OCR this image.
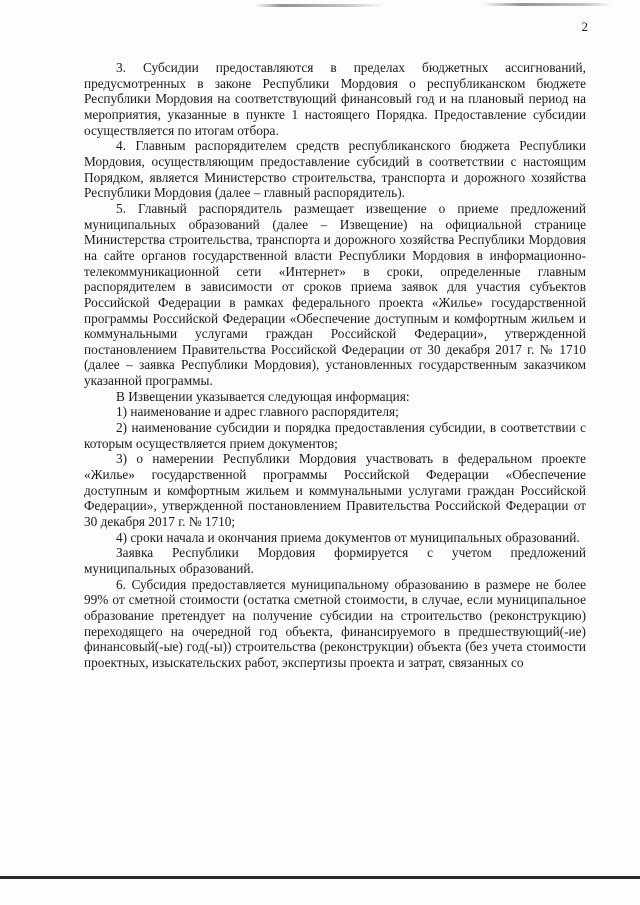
2

3. Субсидии предоставляются в пределах бюджетных ассигнований, предусмотренных в законе Республики Мордовия о республиканском бюджете Республики Мордовия на соответствующий финансовый год и на плановый период на мероприятия, указанные в пункте 1 настоящего Порядка. Предоставление субсидии осуществляется по итогам отбора.

4. Главным распорядителем средств республиканского бюджета Республики Мордовия, осуществляющим предоставление субсидий в соответствии с настоящим Порядком, является Министерство строительства, транспорта и дорожного хозяйства Республики Мордовия (далее – главный распорядитель).

5. Главный распорядитель размещает извещение о приеме предложений муниципальных образований (далее – Извещение) на официальной странице Министерства строительства, транспорта и дорожного хозяйства Республики Мордовия на сайте органов государственной власти Республики Мордовия в информационно-телекоммуникационной сети «Интернет» в сроки, определенные главным распорядителем в зависимости от сроков приема заявок для участия субъектов Российской Федерации в рамках федерального проекта «Жилье» государственной программы Российской Федерации «Обеспечение доступным и комфортным жильем и коммунальными услугами граждан Российской Федерации», утвержденной постановлением Правительства Российской Федерации от 30 декабря 2017 г. № 1710 (далее – заявка Республики Мордовия), установленных государственным заказчиком указанной программы.

В Извещении указывается следующая информация:

1) наименование и адрес главного распорядителя;

2) наименование субсидии и порядка предоставления субсидии, в соответствии с которым осуществляется прием документов;

3) о намерении Республики Мордовия участвовать в федеральном проекте «Жилье» государственной программы Российской Федерации «Обеспечение доступным и комфортным жильем и коммунальными услугами граждан Российской Федерации», утвержденной постановлением Правительства Российской Федерации от 30 декабря 2017 г. № 1710;

4) сроки начала и окончания приема документов от муниципальных образований.

Заявка Республики Мордовия формируется с учетом предложений муниципальных образований.

6. Субсидия предоставляется муниципальному образованию в размере не более 99% от сметной стоимости (остатка сметной стоимости, в случае, если муниципальное образование претендует на получение субсидии на строительство (реконструкцию) переходящего на очередной год объекта, финансируемого в предшествующий(-ие) финансовый(-ые) год(-ы)) строительства (реконструкции) объекта (без учета стоимости проектных, изыскательских работ, экспертизы проекта и затрат, связанных со
